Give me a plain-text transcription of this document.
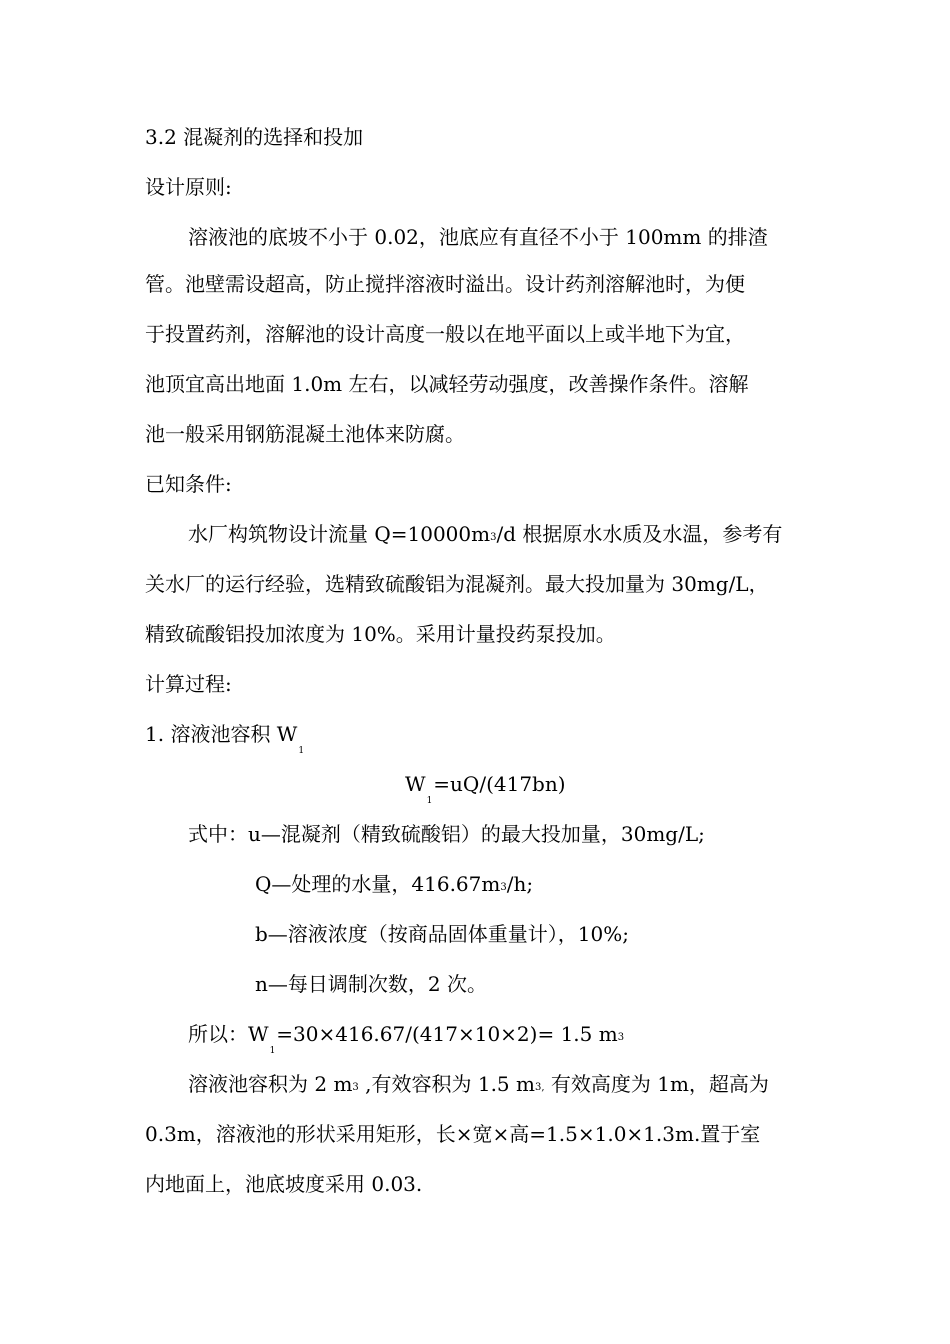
3.2 混凝剂的选择和投加
设计原则:
溶液池的底坡不小于 0.02，池底应有直径不小于 100mm 的排渣
管。池壁需设超高，防止搅拌溶液时溢出。设计药剂溶解池时，为便
于投置药剂，溶解池的设计高度一般以在地平面以上或半地下为宜，
池顶宜高出地面 1.0m 左右，以减轻劳动强度，改善操作条件。溶解
池一般采用钢筋混凝土池体来防腐。
已知条件:
水厂构筑物设计流量 Q=10000m3/d 根据原水水质及水温，参考有
关水厂的运行经验，选精致硫酸铝为混凝剂。最大投加量为 30mg/L，
精致硫酸铝投加浓度为 10%。采用计量投药泵投加。
计算过程:
1. 溶液池容积 $W_1$
$W_1=uQ/(417bn)$
式中：u—混凝剂（精致硫酸铝）的最大投加量，30mg/L;
Q—处理的水量，416.67m3/h;
b—溶液浓度（按商品固体重量计），10%;
n—每日调制次数，2 次。
所以：$W_1=30\times 416.67/(417\times 10\times 2)= 1.5$ m3
溶液池容积为 2 m3 ,有效容积为 1.5 m3, 有效高度为 1m，超高为
0.3m，溶液池的形状采用矩形，长×宽×高=1.5×1.0×1.3m.置于室
内地面上，池底坡度采用 0.03.
